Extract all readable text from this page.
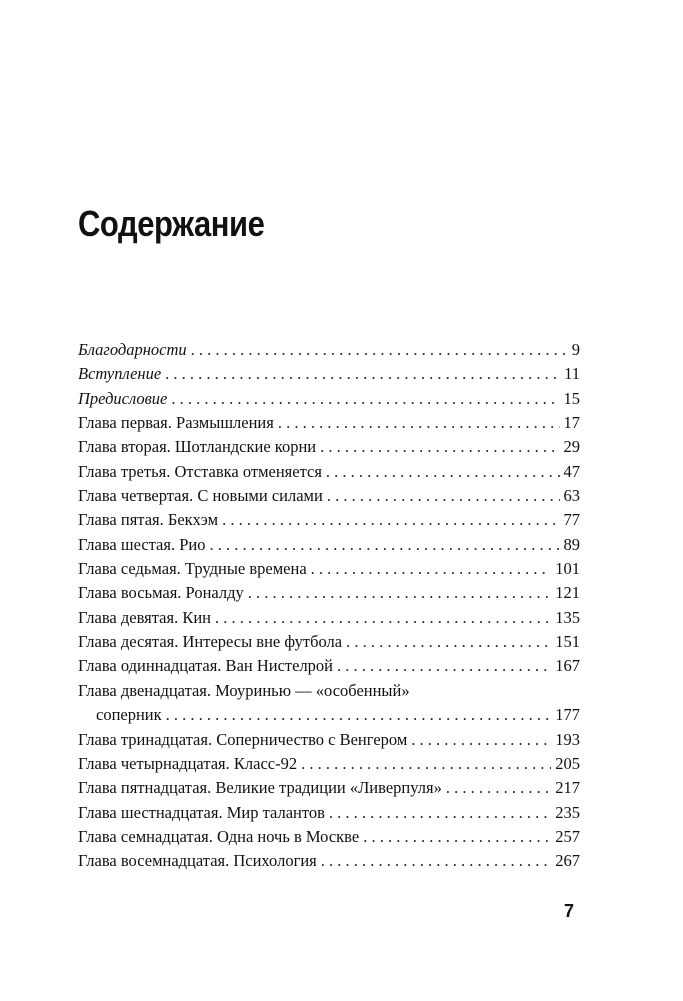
Содержание
Благодарности . . .	9
Вступление . . .	11
Предисловие . . .	15
Глава первая. Размышления . . .	17
Глава вторая. Шотландские корни . . .	29
Глава третья. Отставка отменяется . . .	47
Глава четвертая. С новыми силами . . .	63
Глава пятая. Бекхэм . . .	77
Глава шестая. Рио . . .	89
Глава седьмая. Трудные времена . . .	101
Глава восьмая. Роналду . . .	121
Глава девятая. Кин . . .	135
Глава десятая. Интересы вне футбола . . .	151
Глава одиннадцатая. Ван Нистелрой . . .	167
Глава двенадцатая. Моуринью — «особенный»
соперник . . .	177
Глава тринадцатая. Соперничество с Венгером . . .	193
Глава четырнадцатая. Класс-92 . . .	205
Глава пятнадцатая. Великие традиции «Ливерпуля» . . .	217
Глава шестнадцатая. Мир талантов . . .	235
Глава семнадцатая. Одна ночь в Москве . . .	257
Глава восемнадцатая. Психология . . .	267
7
